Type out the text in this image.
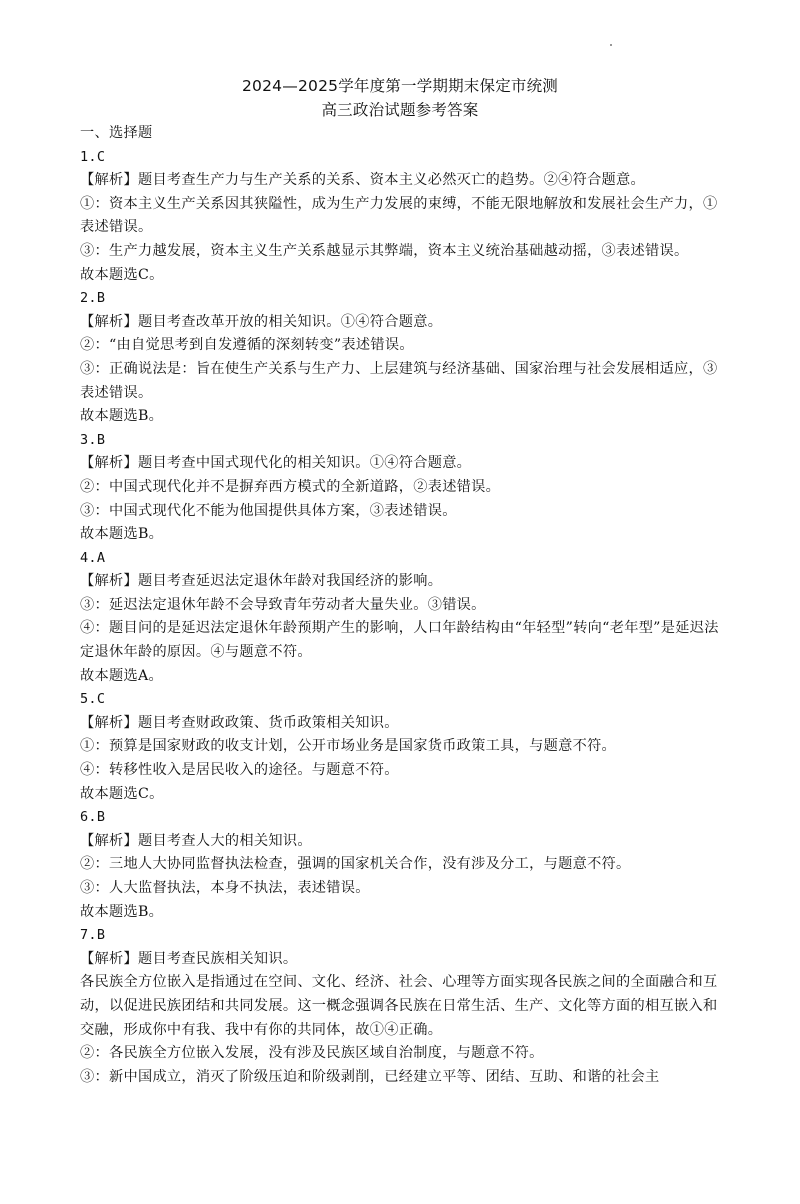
2024—2025学年度第一学期期末保定市统测

高三政治试题参考答案

一、选择题

1.C

【解析】题目考查生产力与生产关系的关系、资本主义必然灭亡的趋势。②④符合题意。

①：资本主义生产关系因其狭隘性，成为生产力发展的束缚，不能无限地解放和发展社会生产力，①表述错误。

③：生产力越发展，资本主义生产关系越显示其弊端，资本主义统治基础越动摇，③表述错误。

故本题选C。

2.B

【解析】题目考查改革开放的相关知识。①④符合题意。

②：“由自觉思考到自发遵循的深刻转变”表述错误。

③：正确说法是：旨在使生产关系与生产力、上层建筑与经济基础、国家治理与社会发展相适应，③表述错误。

故本题选B。

3.B

【解析】题目考查中国式现代化的相关知识。①④符合题意。

②：中国式现代化并不是摒弃西方模式的全新道路，②表述错误。

③：中国式现代化不能为他国提供具体方案，③表述错误。

故本题选B。

4.A

【解析】题目考查延迟法定退休年龄对我国经济的影响。

③：延迟法定退休年龄不会导致青年劳动者大量失业。③错误。

④：题目问的是延迟法定退休年龄预期产生的影响，人口年龄结构由“年轻型”转向“老年型”是延迟法定退休年龄的原因。④与题意不符。

故本题选A。

5.C

【解析】题目考查财政政策、货币政策相关知识。

①：预算是国家财政的收支计划，公开市场业务是国家货币政策工具，与题意不符。

④：转移性收入是居民收入的途径。与题意不符。

故本题选C。

6.B

【解析】题目考查人大的相关知识。

②：三地人大协同监督执法检查，强调的国家机关合作，没有涉及分工，与题意不符。

③：人大监督执法，本身不执法，表述错误。

故本题选B。

7.B

【解析】题目考查民族相关知识。

各民族全方位嵌入是指通过在空间、文化、经济、社会、心理等方面实现各民族之间的全面融合和互动，以促进民族团结和共同发展。这一概念强调各民族在日常生活、生产、文化等方面的相互嵌入和交融，形成你中有我、我中有你的共同体，故①④正确。

②：各民族全方位嵌入发展，没有涉及民族区域自治制度，与题意不符。

③：新中国成立，消灭了阶级压迫和阶级剥削，已经建立平等、团结、互助、和谐的社会主
